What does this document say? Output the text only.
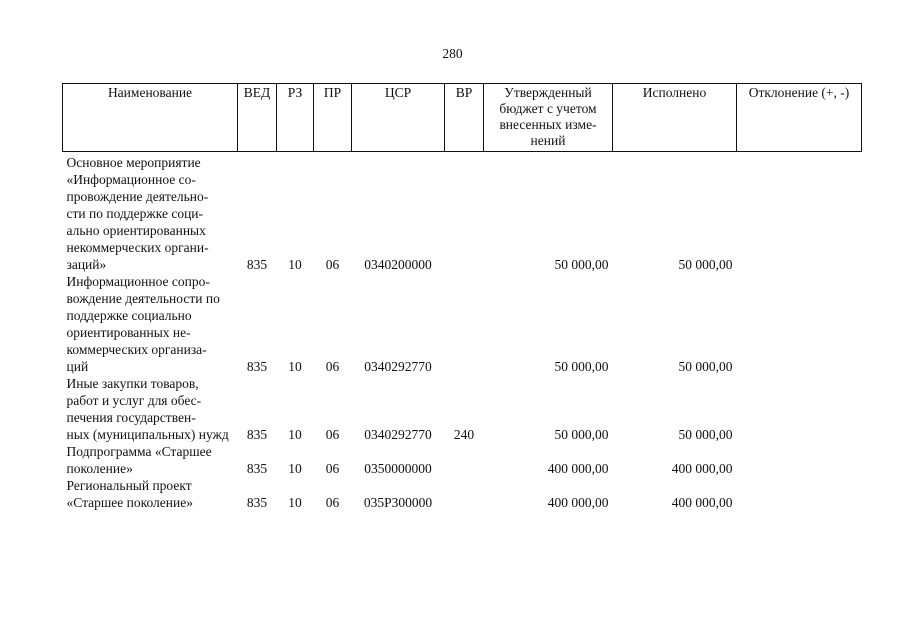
280
Наименование	ВЕД	РЗ	ПР	ЦСР	ВР	Утвержденный бюджет с учетом внесенных изме-
нений	Исполнено	Отклонение (+, -)
Основное мероприятие «Информационное со-
провождение деятельно-
сти по поддержке соци-
ально ориентированных некоммерческих органи-
заций»	835	10	06	0340200000		50 000,00	50 000,00	
Информационное сопро-
вождение деятельности по поддержке социально ориентированных не-
коммерческих организа-
ций	835	10	06	0340292770		50 000,00	50 000,00	
Иные закупки товаров, работ и услуг для обес-
печения государствен-
ных (муниципальных) нужд	835	10	06	0340292770	240	50 000,00	50 000,00	
Подпрограмма «Старшее поколение»	835	10	06	0350000000		400 000,00	400 000,00	
Региональный проект «Старшее поколение»	835	10	06	035P300000		400 000,00	400 000,00	
